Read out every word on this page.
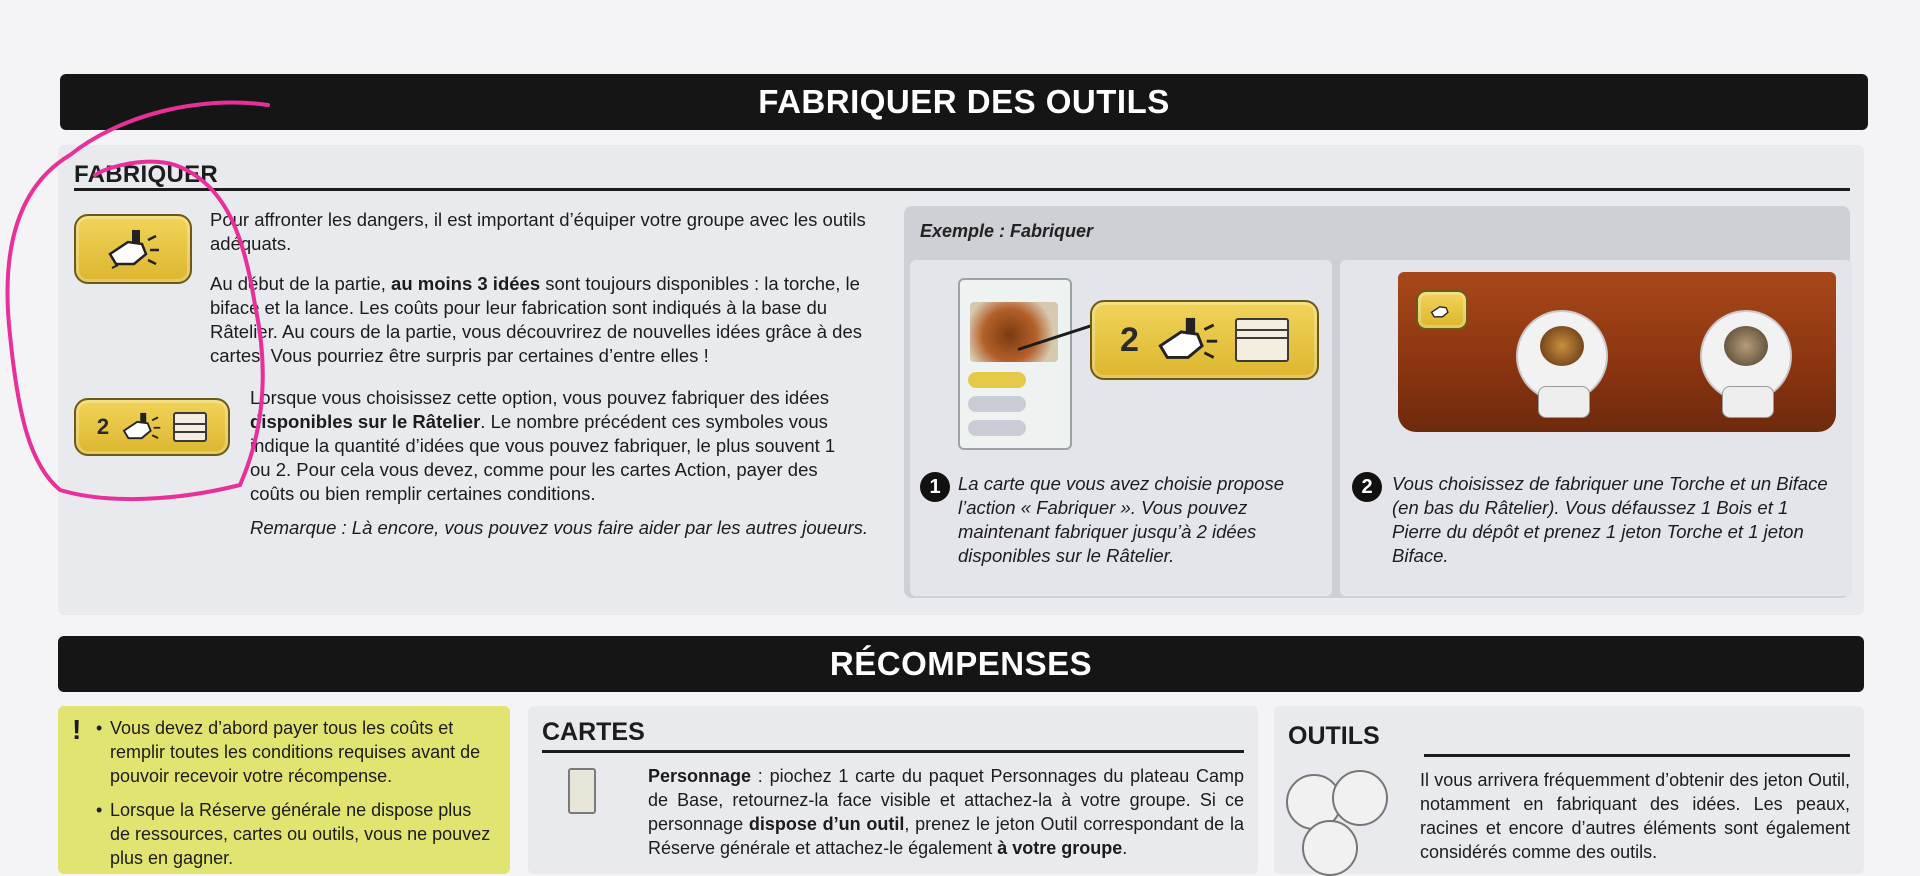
FABRIQUER DES OUTILS
FABRIQUER
Pour affronter les dangers, il est important d’équiper votre groupe avec les outils adéquats.
Au début de la partie, au moins 3 idées sont toujours disponibles : la torche, le biface et la lance. Les coûts pour leur fabrication sont indiqués à la base du Râtelier. Au cours de la partie, vous découvrirez de nouvelles idées grâce à des cartes. Vous pourriez être surpris par certaines d’entre elles !
2
Lorsque vous choisissez cette option, vous pouvez fabriquer des idées disponibles sur le Râtelier. Le nombre précédent ces symboles vous indique la quantité d’idées que vous pouvez fabriquer, le plus souvent 1 ou 2. Pour cela vous devez, comme pour les cartes Action, payer des coûts ou bien remplir certaines conditions.
Remarque : Là encore, vous pouvez vous faire aider par les autres joueurs.
Exemple : Fabriquer
2
1 La carte que vous avez choisie propose l’action « Fabriquer ». Vous pouvez maintenant fabriquer jusqu’à 2 idées disponibles sur le Râtelier.
2	Vous choisissez de fabriquer une Torche et un Biface (en bas du Râtelier). Vous défaussez 1 Bois et 1 Pierre du dépôt et prenez 1 jeton Torche et 1 jeton Biface.
RÉCOMPENSES
! • Vous devez d’abord payer tous les coûts et remplir toutes les conditions requises avant de pouvoir recevoir votre récompense.
• Lorsque la Réserve générale ne dispose plus de ressources, cartes ou outils, vous ne pouvez plus en gagner.
CARTES
Personnage : piochez 1 carte du paquet Personnages du plateau Camp de Base, retournez-la face visible et attachez-la à votre groupe. Si ce personnage dispose d’un outil, prenez le jeton Outil correspondant de la Réserve générale et attachez-le également à votre groupe.
OUTILS
Il vous arrivera fréquemment d’obtenir des jeton Outil, notamment en fabriquant des idées. Les peaux, racines et encore d’autres éléments sont également considérés comme des outils.
